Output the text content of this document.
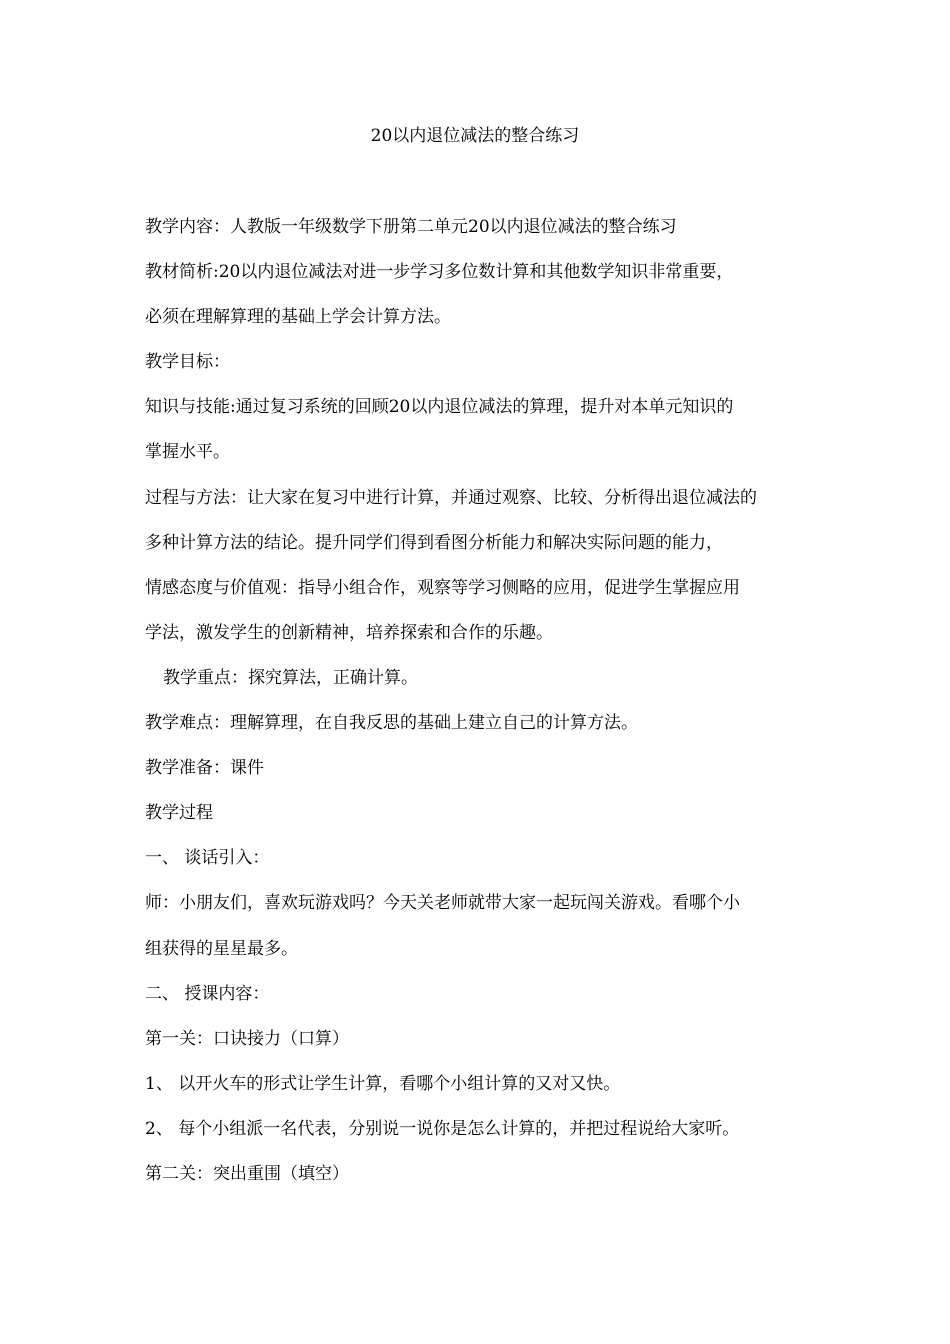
20以内退位减法的整合练习
教学内容：人教版一年级数学下册第二单元20以内退位减法的整合练习
教材简析:20以内退位减法对进一步学习多位数计算和其他数学知识非常重要，
必须在理解算理的基础上学会计算方法。
教学目标：
知识与技能:通过复习系统的回顾20以内退位减法的算理，提升对本单元知识的
掌握水平。
过程与方法：让大家在复习中进行计算，并通过观察、比较、分析得出退位减法的
多种计算方法的结论。提升同学们得到看图分析能力和解决实际问题的能力，
情感态度与价值观：指导小组合作，观察等学习侧略的应用，促进学生掌握应用
学法，激发学生的创新精神，培养探索和合作的乐趣。
教学重点：探究算法，正确计算。
教学难点：理解算理，在自我反思的基础上建立自己的计算方法。
教学准备：课件
教学过程
一、 谈话引入：
师：小朋友们，喜欢玩游戏吗？今天关老师就带大家一起玩闯关游戏。看哪个小
组获得的星星最多。
二、 授课内容：
第一关：口诀接力（口算）
1、 以开火车的形式让学生计算，看哪个小组计算的又对又快。
2、 每个小组派一名代表，分别说一说你是怎么计算的，并把过程说给大家听。
第二关：突出重围（填空）
